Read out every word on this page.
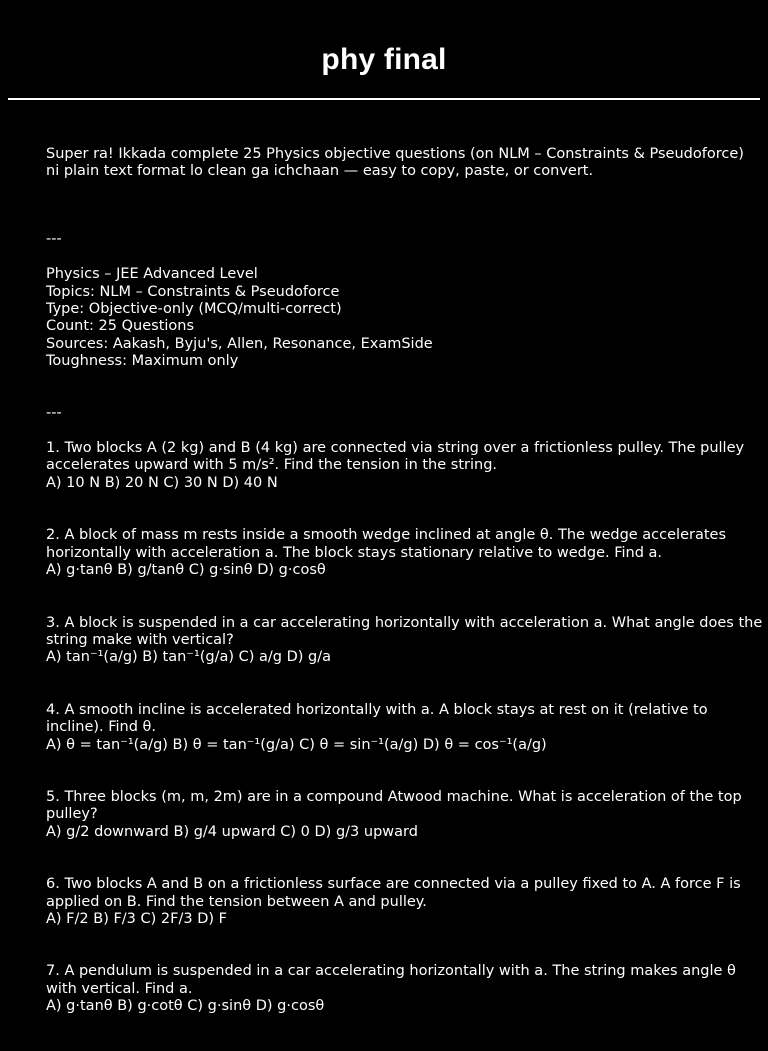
phy final
Super ra! Ikkada complete 25 Physics objective questions (on NLM – Constraints & Pseudoforce)
ni plain text format lo clean ga ichchaan — easy to copy, paste, or convert.
---
Physics – JEE Advanced Level
Topics: NLM – Constraints & Pseudoforce
Type: Objective-only (MCQ/multi-correct)
Count: 25 Questions
Sources: Aakash, Byju's, Allen, Resonance, ExamSide
Toughness: Maximum only
---
1. Two blocks A (2 kg) and B (4 kg) are connected via string over a frictionless pulley. The pulley
accelerates upward with 5 m/s². Find the tension in the string.
A) 10 N B) 20 N C) 30 N D) 40 N
2. A block of mass m rests inside a smooth wedge inclined at angle θ. The wedge accelerates
horizontally with acceleration a. The block stays stationary relative to wedge. Find a.
A) g·tanθ B) g/tanθ C) g·sinθ D) g·cosθ
3. A block is suspended in a car accelerating horizontally with acceleration a. What angle does the
string make with vertical?
A) tan⁻¹(a/g) B) tan⁻¹(g/a) C) a/g D) g/a
4. A smooth incline is accelerated horizontally with a. A block stays at rest on it (relative to
incline). Find θ.
A) θ = tan⁻¹(a/g) B) θ = tan⁻¹(g/a) C) θ = sin⁻¹(a/g) D) θ = cos⁻¹(a/g)
5. Three blocks (m, m, 2m) are in a compound Atwood machine. What is acceleration of the top
pulley?
A) g/2 downward B) g/4 upward C) 0 D) g/3 upward
6. Two blocks A and B on a frictionless surface are connected via a pulley fixed to A. A force F is
applied on B. Find the tension between A and pulley.
A) F/2 B) F/3 C) 2F/3 D) F
7. A pendulum is suspended in a car accelerating horizontally with a. The string makes angle θ
with vertical. Find a.
A) g·tanθ B) g·cotθ C) g·sinθ D) g·cosθ
